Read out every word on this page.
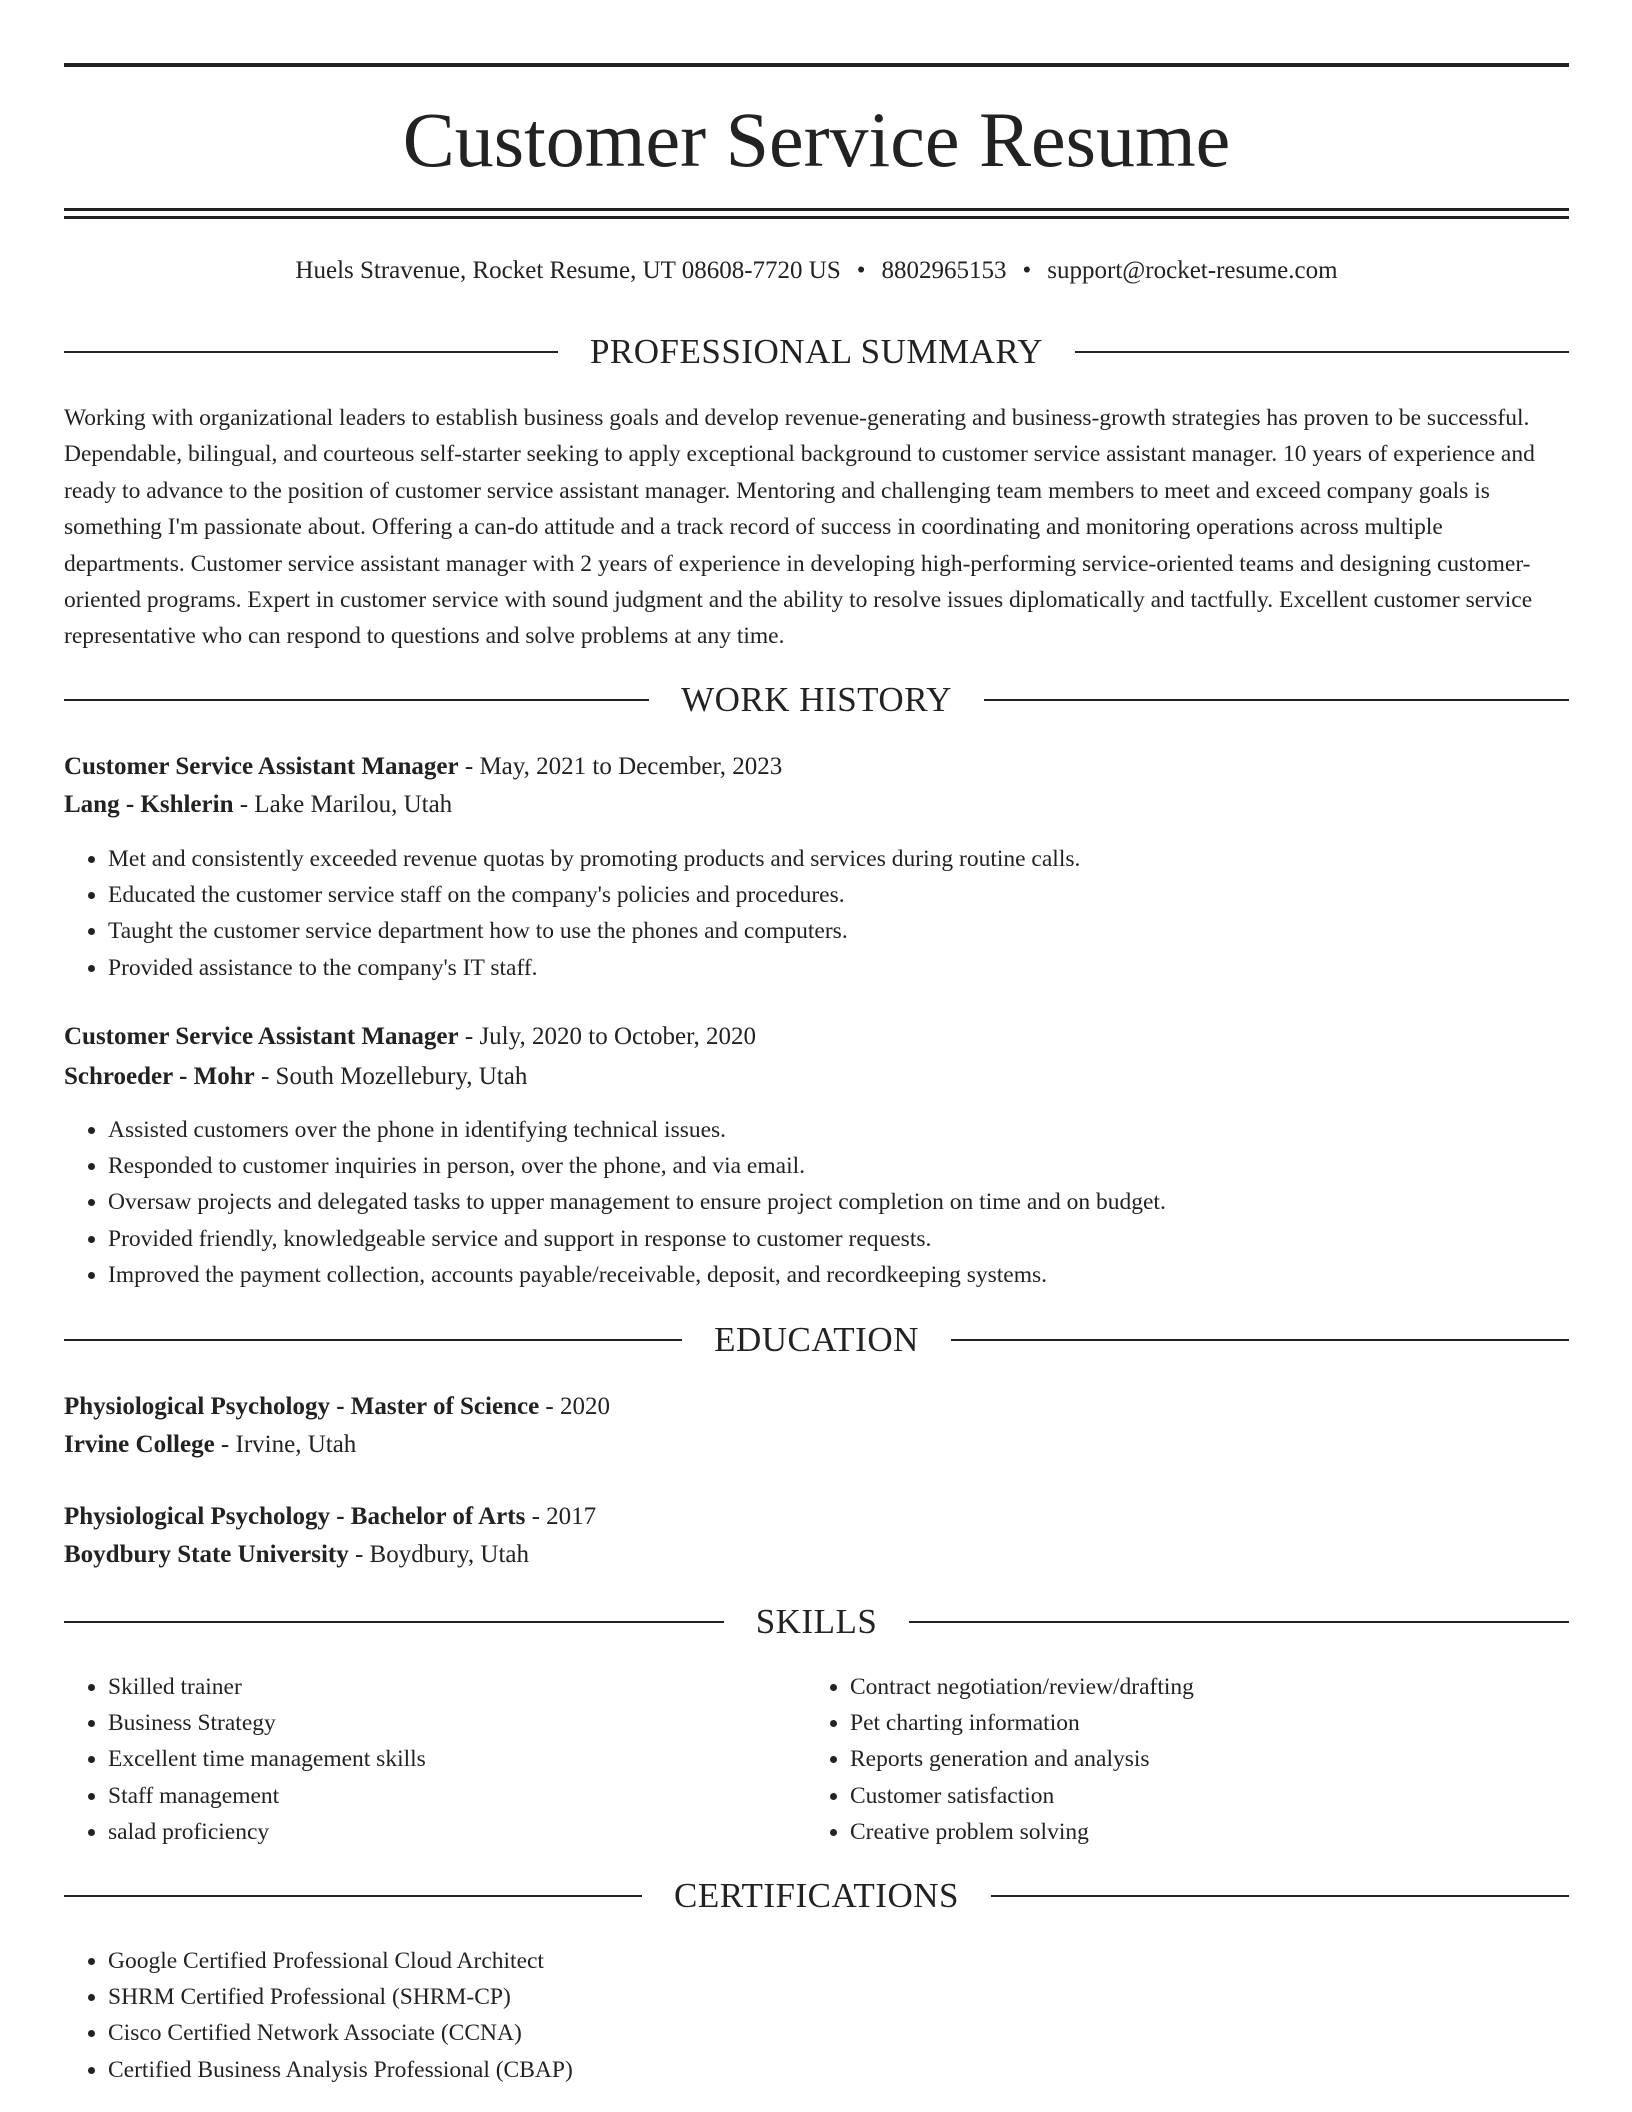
Customer Service Resume
Huels Stravenue, Rocket Resume, UT 08608-7720 US • 8802965153 • support@rocket-resume.com
PROFESSIONAL SUMMARY

Working with organizational leaders to establish business goals and develop revenue-generating and business-growth strategies has proven to be successful. Dependable, bilingual, and courteous self-starter seeking to apply exceptional background to customer service assistant manager. 10 years of experience and ready to advance to the position of customer service assistant manager. Mentoring and challenging team members to meet and exceed company goals is something I'm passionate about. Offering a can-do attitude and a track record of success in coordinating and monitoring operations across multiple departments. Customer service assistant manager with 2 years of experience in developing high-performing service-oriented teams and designing customer-oriented programs. Expert in customer service with sound judgment and the ability to resolve issues diplomatically and tactfully. Excellent customer service representative who can respond to questions and solve problems at any time.

WORK HISTORY
Customer Service Assistant Manager - May, 2021 to December, 2023
Lang - Kshlerin - Lake Marilou, Utah
• Met and consistently exceeded revenue quotas by promoting products and services during routine calls.
• Educated the customer service staff on the company's policies and procedures.
• Taught the customer service department how to use the phones and computers.
• Provided assistance to the company's IT staff.
Customer Service Assistant Manager - July, 2020 to October, 2020
Schroeder - Mohr - South Mozellebury, Utah
• Assisted customers over the phone in identifying technical issues.
• Responded to customer inquiries in person, over the phone, and via email.
• Oversaw projects and delegated tasks to upper management to ensure project completion on time and on budget.
• Provided friendly, knowledgeable service and support in response to customer requests.
• Improved the payment collection, accounts payable/receivable, deposit, and recordkeeping systems.
EDUCATION
Physiological Psychology - Master of Science - 2020
Irvine College - Irvine, Utah
Physiological Psychology - Bachelor of Arts - 2017
Boydbury State University - Boydbury, Utah
SKILLS
• Skilled trainer
• Business Strategy
• Excellent time management skills
• Staff management
• salad proficiency
• Contract negotiation/review/drafting
• Pet charting information
• Reports generation and analysis
• Customer satisfaction
• Creative problem solving
CERTIFICATIONS
• Google Certified Professional Cloud Architect
• SHRM Certified Professional (SHRM-CP)
• Cisco Certified Network Associate (CCNA)
• Certified Business Analysis Professional (CBAP)
